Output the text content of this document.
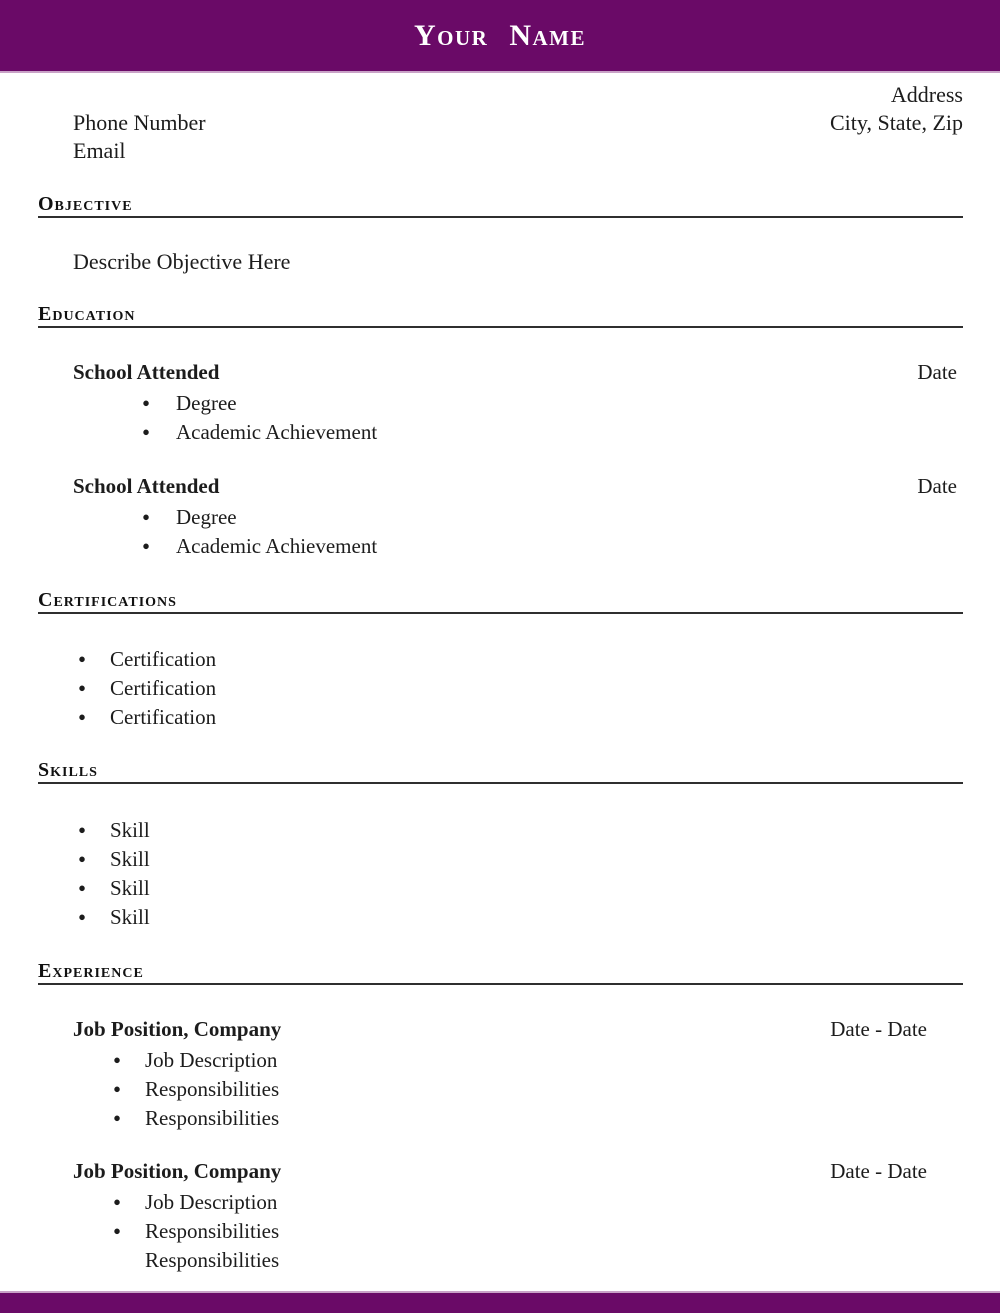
Your Name
Address
Phone Number	City, State, Zip
Email
Objective

Describe Objective Here

Education
School Attended	Date
• Degree
• Academic Achievement
School Attended	Date
• Degree
• Academic Achievement
Certifications
• Certification
• Certification
• Certification
Skills
• Skill
• Skill
• Skill
• Skill
Experience
Job Position, Company	Date - Date
• Job Description
• Responsibilities
• Responsibilities
Job Position, Company	Date - Date
• Job Description
• Responsibilities
Responsibilities
